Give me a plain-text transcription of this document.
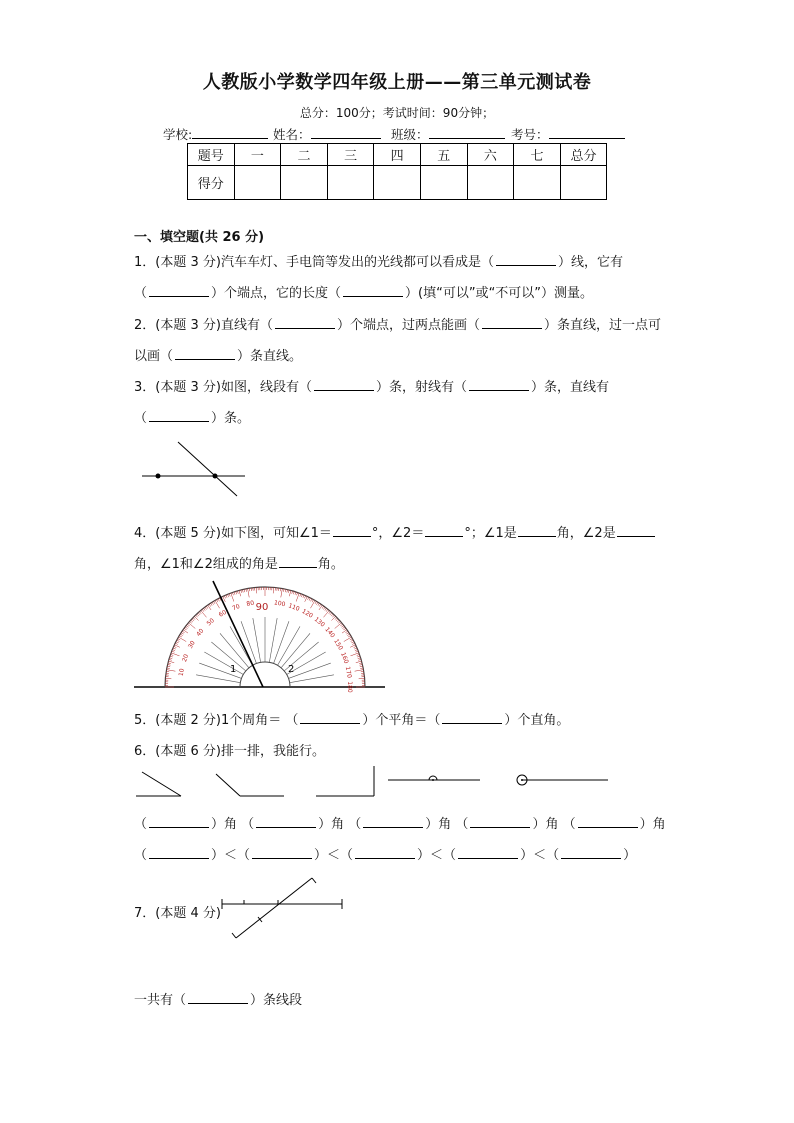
人教版小学数学四年级上册——第三单元测试卷
总分：100分；考试时间：90分钟；
学校:	姓名：	班级：	考号：
题号	一	二	三	四	五	六	七	总分
得分								
一、填空题(共 26 分)
1．(本题 3 分)汽车车灯、手电筒等发出的光线都可以看成是（	）线，它有
（	）个端点，它的长度（	）(填“可以”或“不可以”）测量。
2．(本题 3 分)直线有（	）个端点，过两点能画（	）条直线，过一点可
以画（	）条直线。
3．(本题 3 分)如图，线段有（	）条，射线有（	）条，直线有
（	）条。
4．(本题 5 分)如下图，可知∠1＝	°，∠2＝	°；∠1是	角，∠2是
角，∠1和∠2组成的角是	角。
10
20
30
40
50
60
70 80	100 110
120
130
140
150
160
170
180
90
1	2
5．(本题 2 分)1个周角＝ （	）个平角＝（	）个直角。
6．(本题 6 分)排一排，我能行。
（	）角 （	）角 （	）角 （	）角 （	）角
（	）＜（	）＜（	）＜（	）＜（	）
7．(本题 4 分)
一共有（	）条线段
